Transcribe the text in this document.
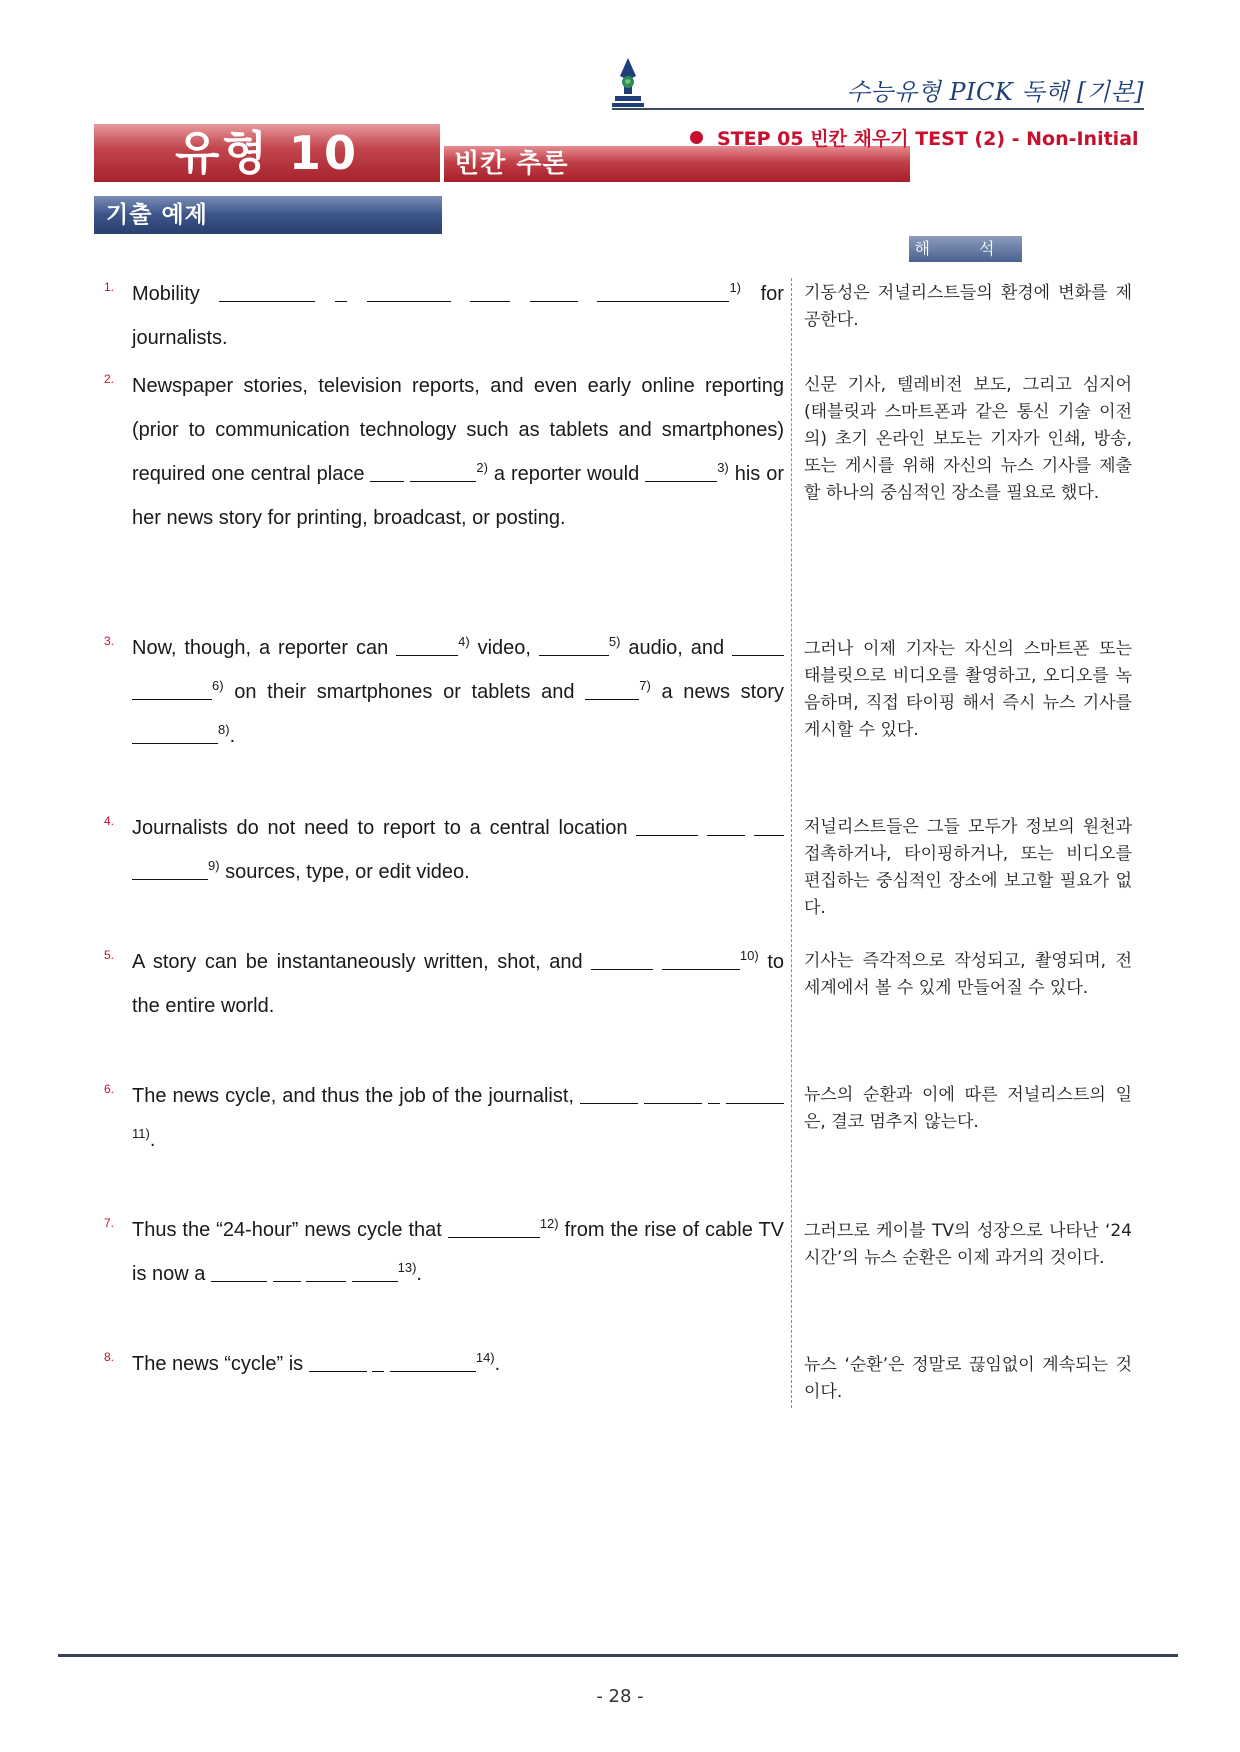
수능유형 PICK 독해 [기본]
유형 10	빈칸 추론
STEP 05 빈칸 채우기 TEST (2) - Non-Initial
기출 예제
해 석
1. Mobility	$^{1)}$ for journalists.
기동성은 저널리스트들의 환경에 변화를 제공한다.
2. Newspaper stories, television reports, and even early online reporting (prior to communication technology such as tablets and smartphones) required one central place	$^{2)}$ a reporter would	$^{3)}$ his or her news story for printing, broadcast, or posting.
신문 기사, 텔레비전 보도, 그리고 심지어 (태블릿과 스마트폰과 같은 통신 기술 이전의) 초기 온라인 보도는 기자가 인쇄, 방송, 또는 게시를 위해 자신의 뉴스 기사를 제출할 하나의 중심적인 장소를 필요로 했다.
3. Now, though, a reporter can	$^{4)}$ video,	$^{5)}$ audio, and  $^{6)}$ on their smartphones or tablets and	$^{7)}$ a news story $^{8)}$.
그러나 이제 기자는 자신의 스마트폰 또는 태블릿으로 비디오를 촬영하고, 오디오를 녹음하며, 직접 타이핑 해서 즉시 뉴스 기사를 게시할 수 있다.
4. Journalists do not need to report to a central location    $^{9)}$ sources, type, or edit video.
저널리스트들은 그들 모두가 정보의 원천과 접촉하거나, 타이핑하거나, 또는 비디오를 편집하는 중심적인 장소에 보고할 필요가 없다.
5. A story can be instantaneously written, shot, and	$^{10)}$ to the entire world.
기사는 즉각적으로 작성되고, 촬영되며, 전 세계에서 볼 수 있게 만들어질 수 있다.
6. The news cycle, and thus the job of the journalist,    $^{11)}$.
뉴스의 순환과 이에 따른 저널리스트의 일은, 결코 멈추지 않는다.
7. Thus the “24-hour” news cycle that	$^{12)}$ from the rise of cable TV is now a	$^{13)}$.
그러므로 케이블 TV의 성장으로 나타난 ‘24시간’의 뉴스 순환은 이제 과거의 것이다.
8. The news “cycle” is	$^{14)}$.	뉴스 ‘순환’은 정말로 끊임없이 계속되는 것이다.
- 28 -
